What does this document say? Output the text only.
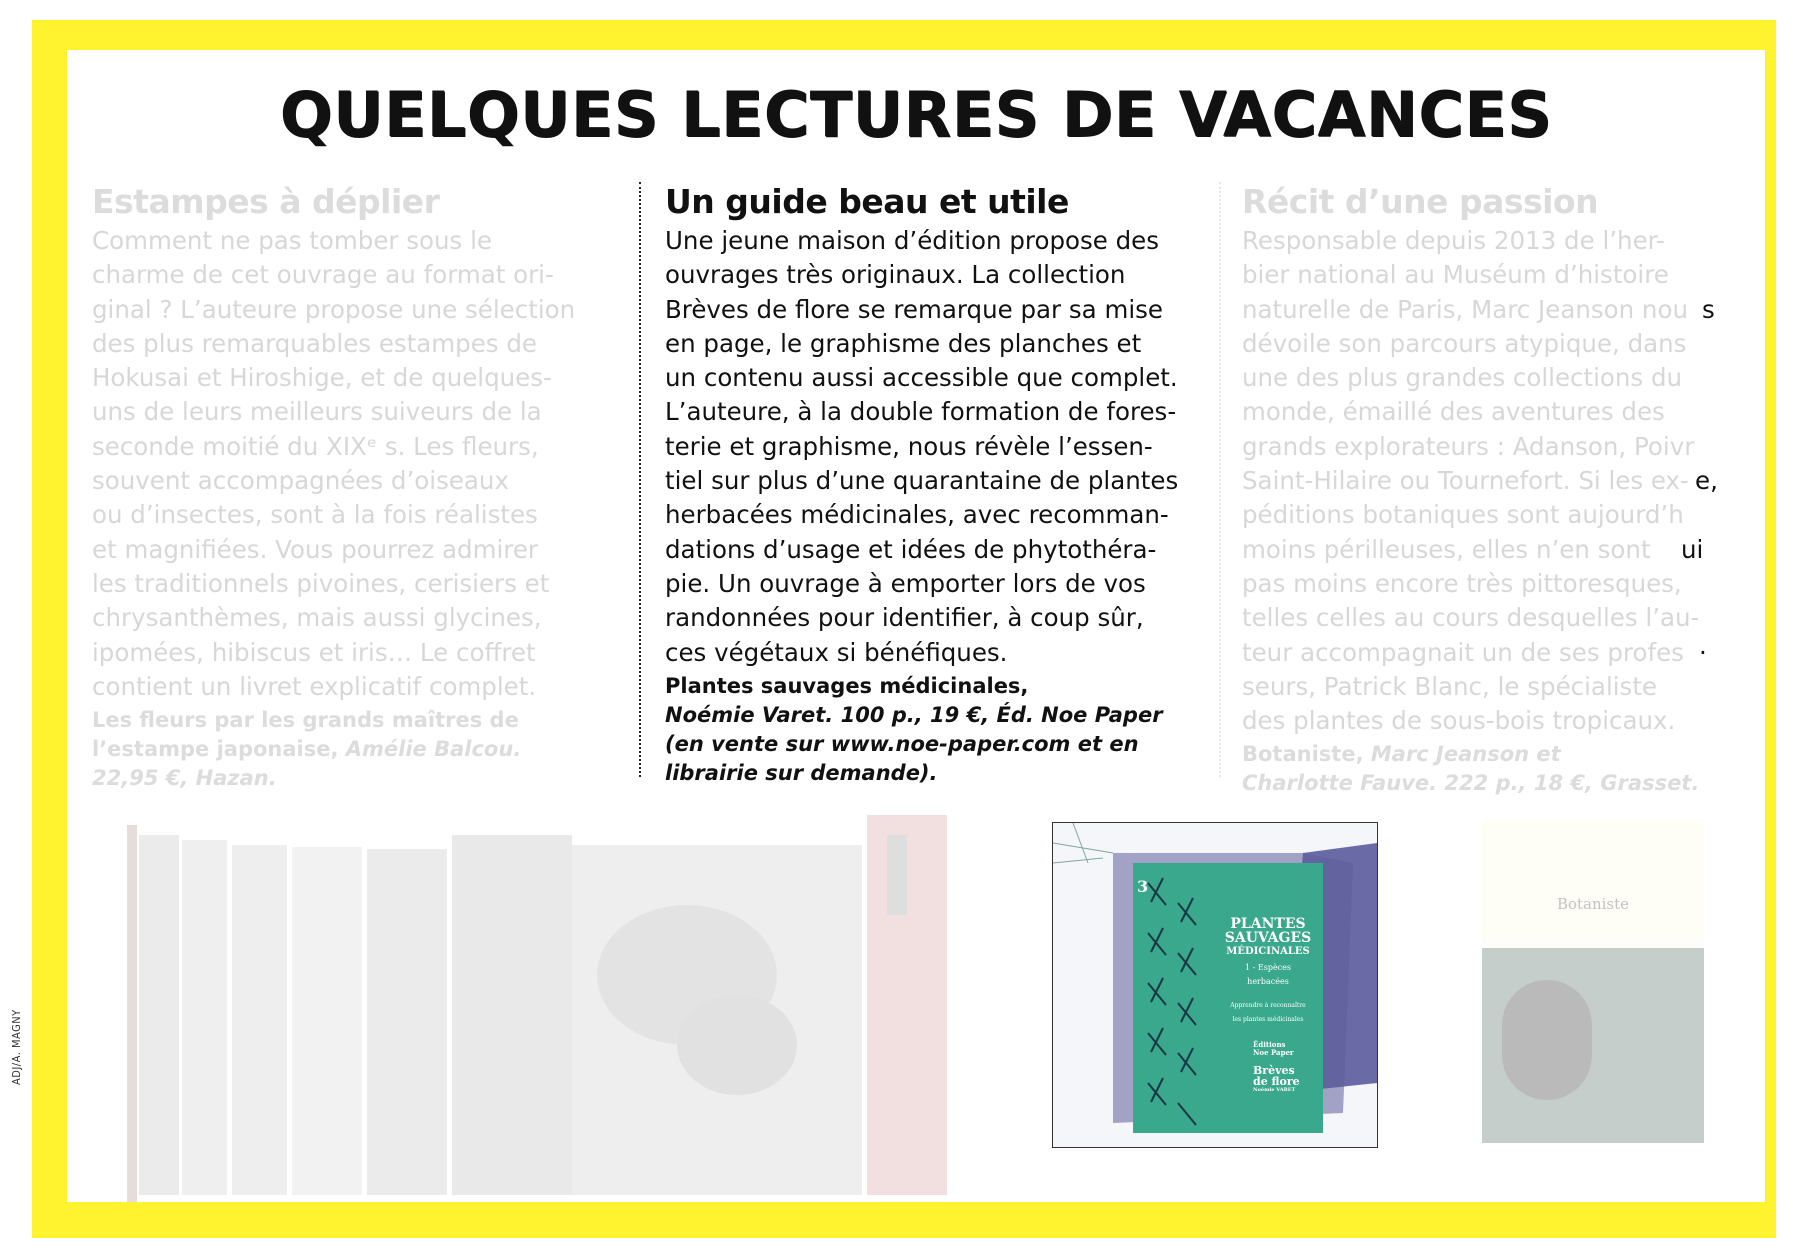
QUELQUES LECTURES DE VACANCES
Estampes à déplier
Comment ne pas tomber sous le
charme de cet ouvrage au format ori-
ginal ? L’auteure propose une sélection
des plus remarquables estampes de
Hokusai et Hiroshige, et de quelques-
uns de leurs meilleurs suiveurs de la
seconde moitié du XIXᵉ s. Les fleurs,
souvent accompagnées d’oiseaux
ou d’insectes, sont à la fois réalistes
et magnifiées. Vous pourrez admirer
les traditionnels pivoines, cerisiers et
chrysanthèmes, mais aussi glycines,
ipomées, hibiscus et iris… Le coffret
contient un livret explicatif complet.
Les fleurs par les grands maîtres de
l’estampe japonaise, Amélie Balcou.
22,95 €, Hazan.
Un guide beau et utile
Une jeune maison d’édition propose des
ouvrages très originaux. La collection
Brèves de flore se remarque par sa mise
en page, le graphisme des planches et
un contenu aussi accessible que complet.
L’auteure, à la double formation de fores-
terie et graphisme, nous révèle l’essen-
tiel sur plus d’une quarantaine de plantes
herbacées médicinales, avec recomman-
dations d’usage et idées de phytothéra-
pie. Un ouvrage à emporter lors de vos
randonnées pour identifier, à coup sûr,
ces végétaux si bénéfiques.
Plantes sauvages médicinales,
Noémie Varet. 100 p., 19 €, Éd. Noe Paper
(en vente sur www.noe-paper.com et en
librairie sur demande).
Récit d’une passion
Responsable depuis 2013 de l’her-
bier national au Muséum d’histoire
naturelle de Paris, Marc Jeanson nou
dévoile son parcours atypique, dans
une des plus grandes collections du
monde, émaillé des aventures des
grands explorateurs : Adanson, Poivr
Saint-Hilaire ou Tournefort. Si les ex-
péditions botaniques sont aujourd’h
moins périlleuses, elles n’en sont
pas moins encore très pittoresques,
telles celles au cours desquelles l’au-
teur accompagnait un de ses profes
seurs, Patrick Blanc, le spécialiste
des plantes de sous-bois tropicaux.
Botaniste, Marc Jeanson et
Charlotte Fauve. 222 p., 18 €, Grasset.
s
e,
ui
·
3
PLANTES
SAUVAGES
MÉDICINALES
1 - Espèces herbacées
Apprendre à reconnaître
les plantes médicinales
Éditions
Noe Paper
Brèves
de flore
Noémie VARET
Botaniste
ADJ/A. MAGNY
